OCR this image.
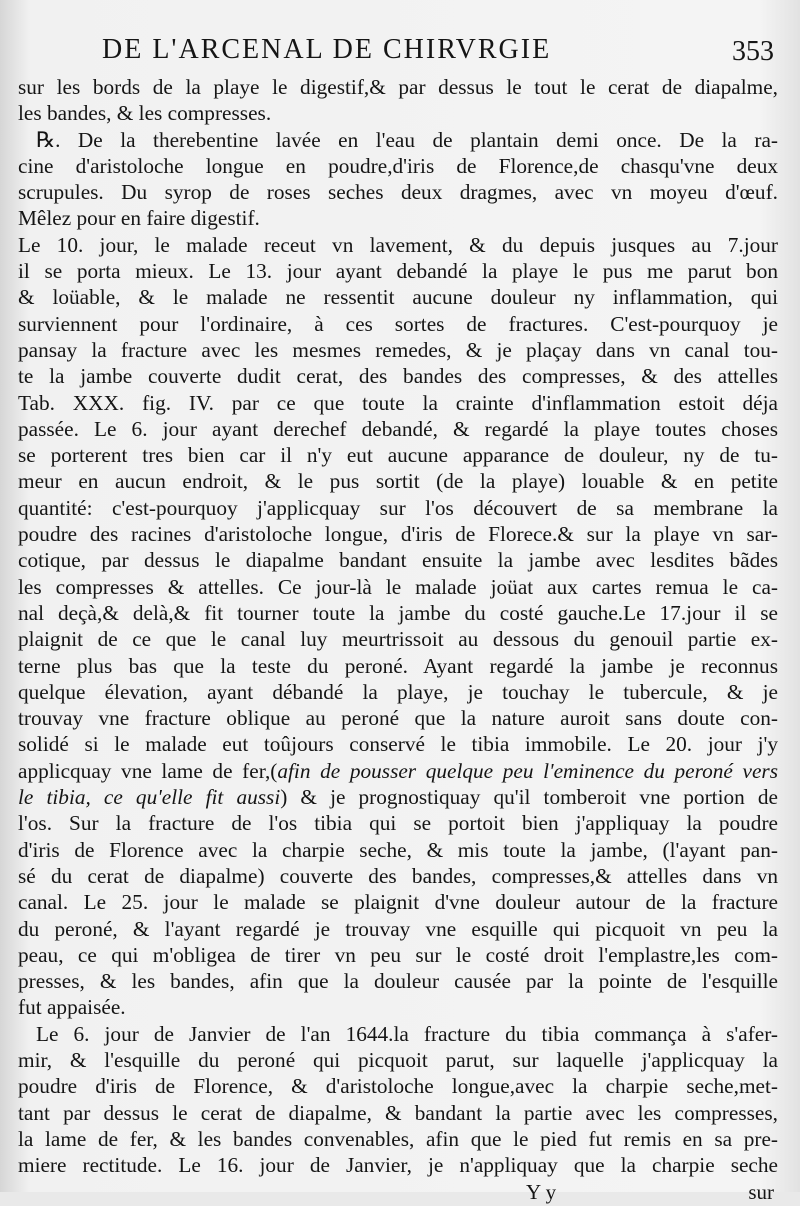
DE L'ARCENAL DE CHIRVRGIE	353
sur les bords de la playe le digestif,& par dessus le tout le cerat de diapalme,
les bandes, & les compresses.
℞. De la therebentine lavée en l'eau de plantain demi once. De la ra-
cine d'aristoloche longue en poudre,d'iris de Florence,de chasqu'vne deux
scrupules. Du syrop de roses seches deux dragmes, avec vn moyeu d'œuf.
Mêlez pour en faire digestif.
Le 10. jour, le malade receut vn lavement, & du depuis jusques au 7.jour
il se porta mieux. Le 13. jour ayant debandé la playe le pus me parut bon
& loüable, & le malade ne ressentit aucune douleur ny inflammation, qui
surviennent pour l'ordinaire, à ces sortes de fractures. C'est-pourquoy je
pansay la fracture avec les mesmes remedes, & je plaçay dans vn canal tou-
te la jambe couverte dudit cerat, des bandes des compresses, & des attelles
Tab. XXX. fig. IV. par ce que toute la crainte d'inflammation estoit déja
passée. Le 6. jour ayant derechef debandé, & regardé la playe toutes choses
se porterent tres bien car il n'y eut aucune apparance de douleur, ny de tu-
meur en aucun endroit, & le pus sortit (de la playe) louable & en petite
quantité: c'est-pourquoy j'applicquay sur l'os découvert de sa membrane la
poudre des racines d'aristoloche longue, d'iris de Florece.& sur la playe vn sar-
cotique, par dessus le diapalme bandant ensuite la jambe avec lesdites bãdes
les compresses & attelles. Ce jour-là le malade joüat aux cartes remua le ca-
nal deçà,& delà,& fit tourner toute la jambe du costé gauche.Le 17.jour il se
plaignit de ce que le canal luy meurtrissoit au dessous du genouil partie ex-
terne plus bas que la teste du peroné. Ayant regardé la jambe je reconnus
quelque élevation, ayant débandé la playe, je touchay le tubercule, & je
trouvay vne fracture oblique au peroné que la nature auroit sans doute con-
solidé si le malade eut toûjours conservé le tibia immobile. Le 20. jour j'y
applicquay vne lame de fer,(afin de pousser quelque peu l'eminence du peroné vers
le tibia, ce qu'elle fit aussi) & je prognostiquay qu'il tomberoit vne portion de
l'os. Sur la fracture de l'os tibia qui se portoit bien j'appliquay la poudre
d'iris de Florence avec la charpie seche, & mis toute la jambe, (l'ayant pan-
sé du cerat de diapalme) couverte des bandes, compresses,& attelles dans vn
canal. Le 25. jour le malade se plaignit d'vne douleur autour de la fracture
du peroné, & l'ayant regardé je trouvay vne esquille qui picquoit vn peu la
peau, ce qui m'obligea de tirer vn peu sur le costé droit l'emplastre,les com-
presses, & les bandes, afin que la douleur causée par la pointe de l'esquille
fut appaisée.
Le 6. jour de Janvier de l'an 1644.la fracture du tibia commança à s'afer-
mir, & l'esquille du peroné qui picquoit parut, sur laquelle j'applicquay la
poudre d'iris de Florence, & d'aristoloche longue,avec la charpie seche,met-
tant par dessus le cerat de diapalme, & bandant la partie avec les compresses,
la lame de fer, & les bandes convenables, afin que le pied fut remis en sa pre-
miere rectitude. Le 16. jour de Janvier, je n'appliquay que la charpie seche
Y y	sur
